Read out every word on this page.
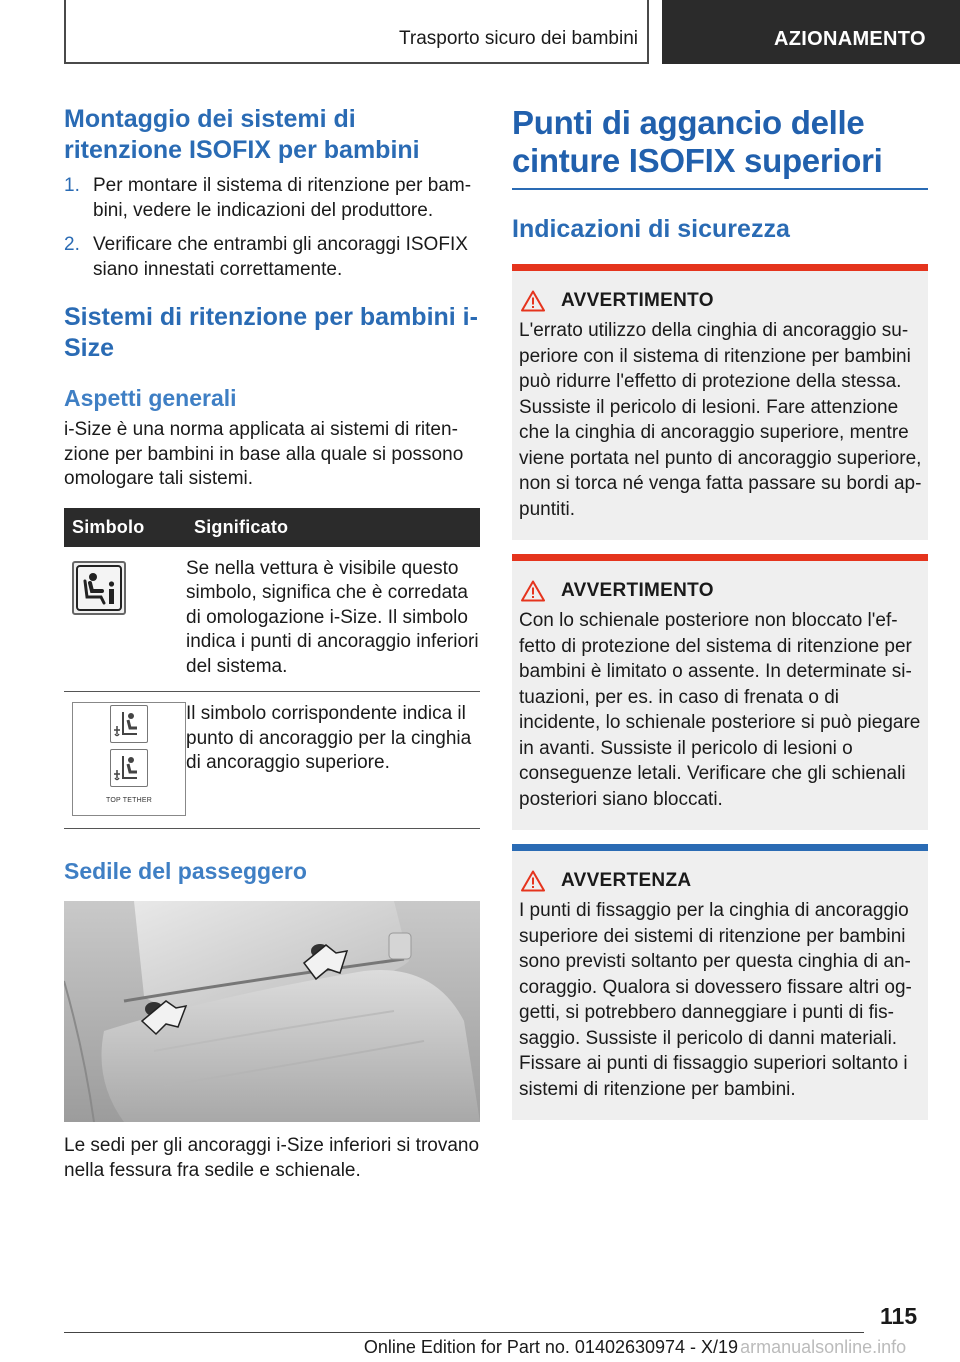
Trasporto sicuro dei bambini	AZIONAMENTO
Montaggio dei sistemi di ritenzione ISOFIX per bambini
1. Per montare il sistema di ritenzione per bambini, vedere le indicazioni del produttore.
2. Verificare che entrambi gli ancoraggi ISOFIX siano innestati correttamente.
Sistemi di ritenzione per bambini i-Size
Aspetti generali
i-Size è una norma applicata ai sistemi di ritenzione per bambini in base alla quale si possono omologare tali sistemi.
Simbolo	Significato

	Se nella vettura è visibile questo simbolo, significa che è corredata di omologazione i-Size. Il simbolo indica i punti di ancoraggio inferiori del sistema.

TOP TETHER	Il simbolo corrispondente indica il punto di ancoraggio per la cinghia di ancoraggio superiore.
Sedile del passeggero
Le sedi per gli ancoraggi i-Size inferiori si trovano nella fessura fra sedile e schienale.
Punti di aggancio delle cinture ISOFIX superiori
Indicazioni di sicurezza
AVVERTIMENTO
L'errato utilizzo della cinghia di ancoraggio superiore con il sistema di ritenzione per bambini può ridurre l'effetto di protezione della stessa. Sussiste il pericolo di lesioni. Fare attenzione che la cinghia di ancoraggio superiore, mentre viene portata nel punto di ancoraggio superiore, non si torca né venga fatta passare su bordi appuntiti.
AVVERTIMENTO
Con lo schienale posteriore non bloccato l'effetto di protezione del sistema di ritenzione per bambini è limitato o assente. In determinate situazioni, per es. in caso di frenata o di incidente, lo schienale posteriore si può piegare in avanti. Sussiste il pericolo di lesioni o conseguenze letali. Verificare che gli schienali posteriori siano bloccati.
AVVERTENZA
I punti di fissaggio per la cinghia di ancoraggio superiore dei sistemi di ritenzione per bambini sono previsti soltanto per questa cinghia di ancoraggio. Qualora si dovessero fissare altri oggetti, si potrebbero danneggiare i punti di fissaggio. Sussiste il pericolo di danni materiali. Fissare ai punti di fissaggio superiori soltanto i sistemi di ritenzione per bambini.
115
Online Edition for Part no. 01402630974 - X/19 armanualsonline.info
